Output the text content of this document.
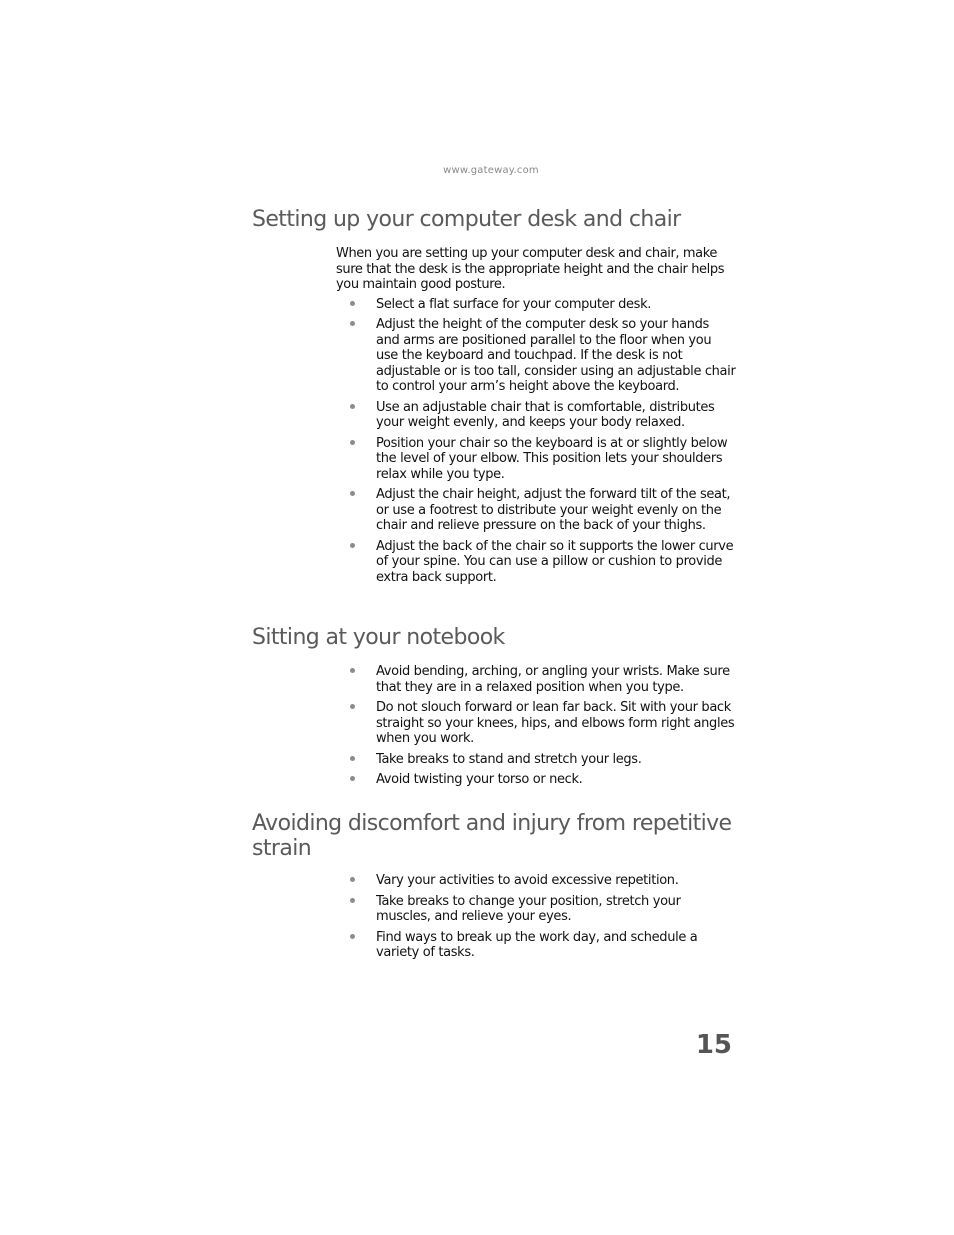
www.gateway.com
Setting up your computer desk and chair

When you are setting up your computer desk and chair, make sure that the desk is the appropriate height and the chair helps you maintain good posture.

Select a flat surface for your computer desk.
Adjust the height of the computer desk so your hands and arms are positioned parallel to the floor when you use the keyboard and touchpad. If the desk is not adjustable or is too tall, consider using an adjustable chair to control your arm’s height above the keyboard.
Use an adjustable chair that is comfortable, distributes your weight evenly, and keeps your body relaxed.
Position your chair so the keyboard is at or slightly below the level of your elbow. This position lets your shoulders relax while you type.
Adjust the chair height, adjust the forward tilt of the seat, or use a footrest to distribute your weight evenly on the chair and relieve pressure on the back of your thighs.
Adjust the back of the chair so it supports the lower curve of your spine. You can use a pillow or cushion to provide extra back support.
Sitting at your notebook
Avoid bending, arching, or angling your wrists. Make sure that they are in a relaxed position when you type.
Do not slouch forward or lean far back. Sit with your back straight so your knees, hips, and elbows form right angles when you work.
Take breaks to stand and stretch your legs.
Avoid twisting your torso or neck.
Avoiding discomfort and injury from repetitive strain
Vary your activities to avoid excessive repetition.
Take breaks to change your position, stretch your muscles, and relieve your eyes.
Find ways to break up the work day, and schedule a variety of tasks.
15
